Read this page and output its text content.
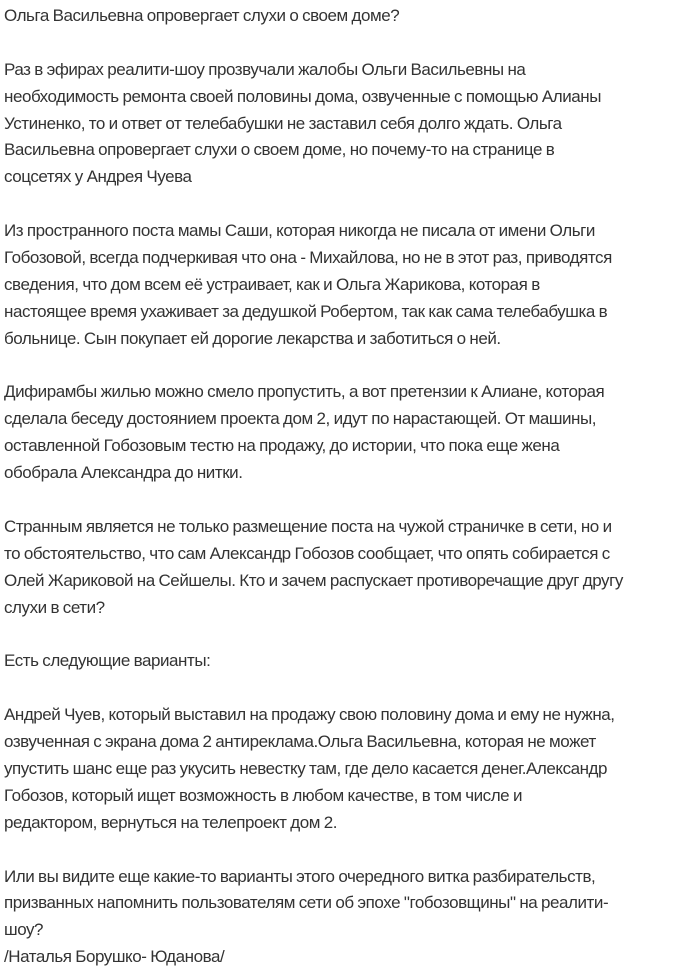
Ольга Васильевна опровергает слухи о своем доме?

Раз в эфирах реалити-шоу прозвучали жалобы Ольги Васильевны на
необходимость ремонта своей половины дома, озвученные с помощью Алианы
Устиненко, то и ответ от телебабушки не заставил себя долго ждать. Ольга
Васильевна опровергает слухи о своем доме, но почему-то на странице в
соцсетях у Андрея Чуева

Из пространного поста мамы Саши, которая никогда не писала от имени Ольги
Гобозовой, всегда подчеркивая что она - Михайлова, но не в этот раз, приводятся
сведения, что дом всем её устраивает, как и Ольга Жарикова, которая в
настоящее время ухаживает за дедушкой Робертом, так как сама телебабушка в
больнице. Сын покупает ей дорогие лекарства и заботиться о ней.

Дифирамбы жилью можно смело пропустить, а вот претензии к Алиане, которая
сделала беседу достоянием проекта дом 2, идут по нарастающей. От машины,
оставленной Гобозовым тестю на продажу, до истории, что пока еще жена
обобрала Александра до нитки.

Странным является не только размещение поста на чужой страничке в сети, но и
то обстоятельство, что сам Александр Гобозов сообщает, что опять собирается с
Олей Жариковой на Сейшелы. Кто и зачем распускает противоречащие друг другу
слухи в сети?

Есть следующие варианты:

Андрей Чуев, который выставил на продажу свою половину дома и ему не нужна,
озвученная с экрана дома 2 антиреклама.Ольга Васильевна, которая не может
упустить шанс еще раз укусить невестку там, где дело касается денег.Александр
Гобозов, который ищет возможность в любом качестве, в том числе и
редактором, вернуться на телепроект дом 2.

Или вы видите еще какие-то варианты этого очередного витка разбирательств,
призванных напомнить пользователям сети об эпохе "гобозовщины" на реалити-
шоу?

/Наталья Борушко- Юданова/
